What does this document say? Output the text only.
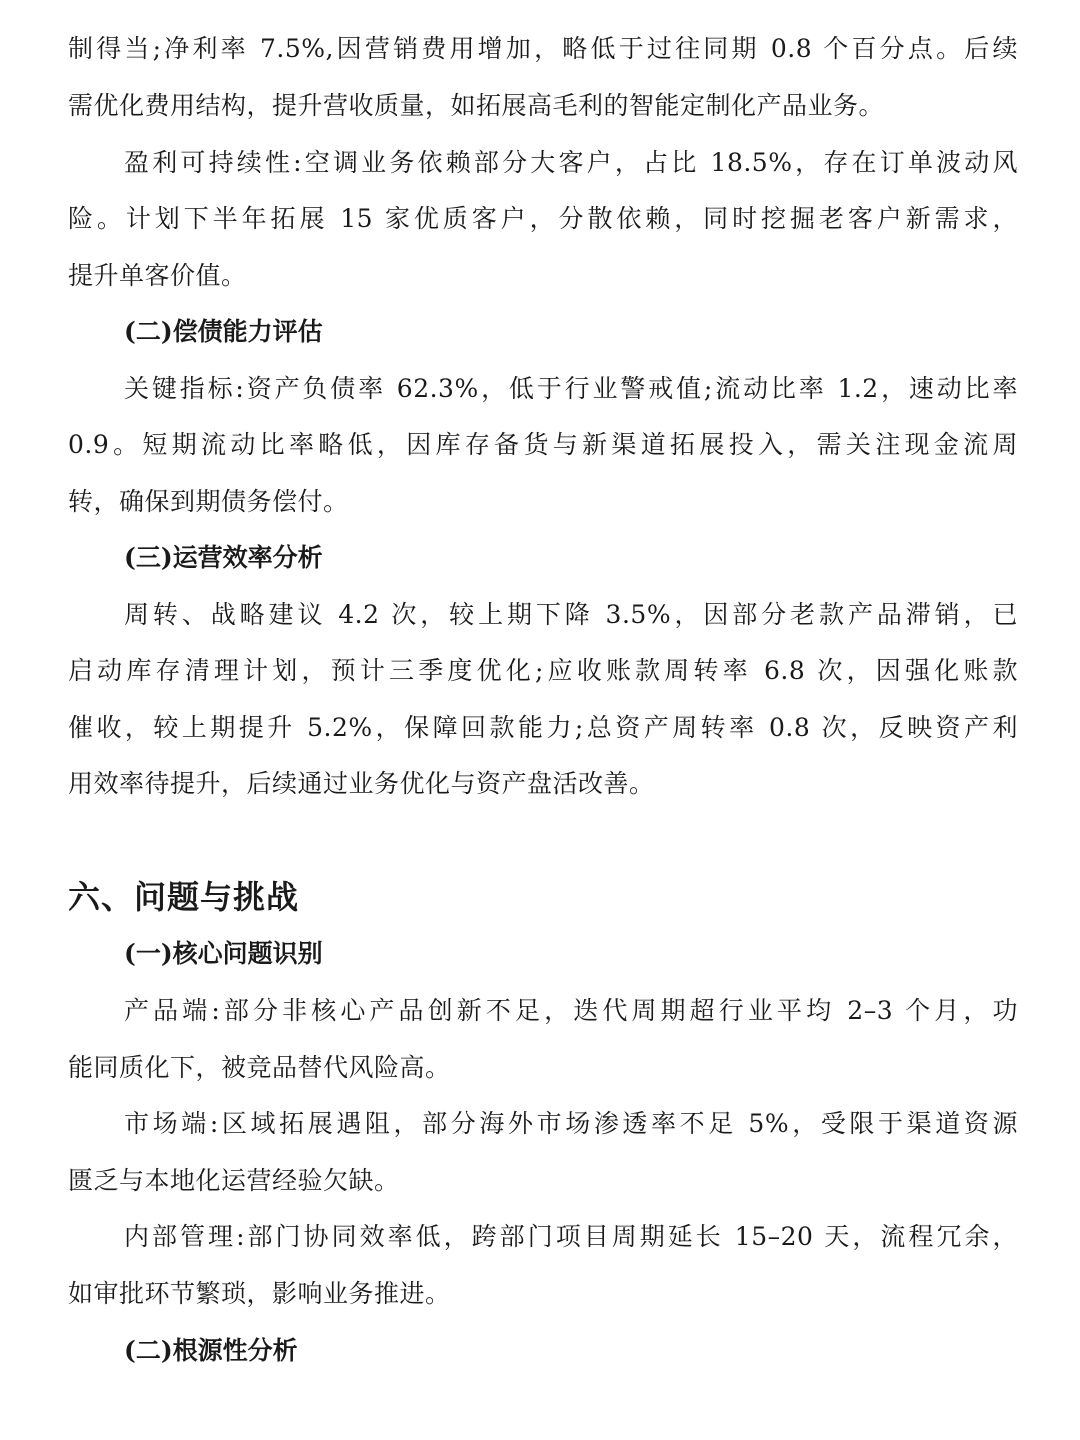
制得当;净利率 7.5%,因营销费用增加，略低于过往同期 0.8 个百分点。后续
需优化费用结构，提升营收质量，如拓展高毛利的智能定制化产品业务。
盈利可持续性:空调业务依赖部分大客户，占比 18.5%，存在订单波动风
险。计划下半年拓展 15 家优质客户，分散依赖，同时挖掘老客户新需求，
提升单客价值。
(二)偿债能力评估
关键指标:资产负债率 62.3%，低于行业警戒值;流动比率 1.2，速动比率
0.9。短期流动比率略低，因库存备货与新渠道拓展投入，需关注现金流周
转，确保到期债务偿付。
(三)运营效率分析
周转、战略建议 4.2 次，较上期下降 3.5%，因部分老款产品滞销，已
启动库存清理计划，预计三季度优化;应收账款周转率 6.8 次，因强化账款
催收，较上期提升 5.2%，保障回款能力;总资产周转率 0.8 次，反映资产利
用效率待提升，后续通过业务优化与资产盘活改善。
六、问题与挑战
(一)核心问题识别
产品端:部分非核心产品创新不足，迭代周期超行业平均 2–3 个月，功
能同质化下，被竞品替代风险高。
市场端:区域拓展遇阻，部分海外市场渗透率不足 5%，受限于渠道资源
匮乏与本地化运营经验欠缺。
内部管理:部门协同效率低，跨部门项目周期延长 15–20 天，流程冗余，
如审批环节繁琐，影响业务推进。
(二)根源性分析
